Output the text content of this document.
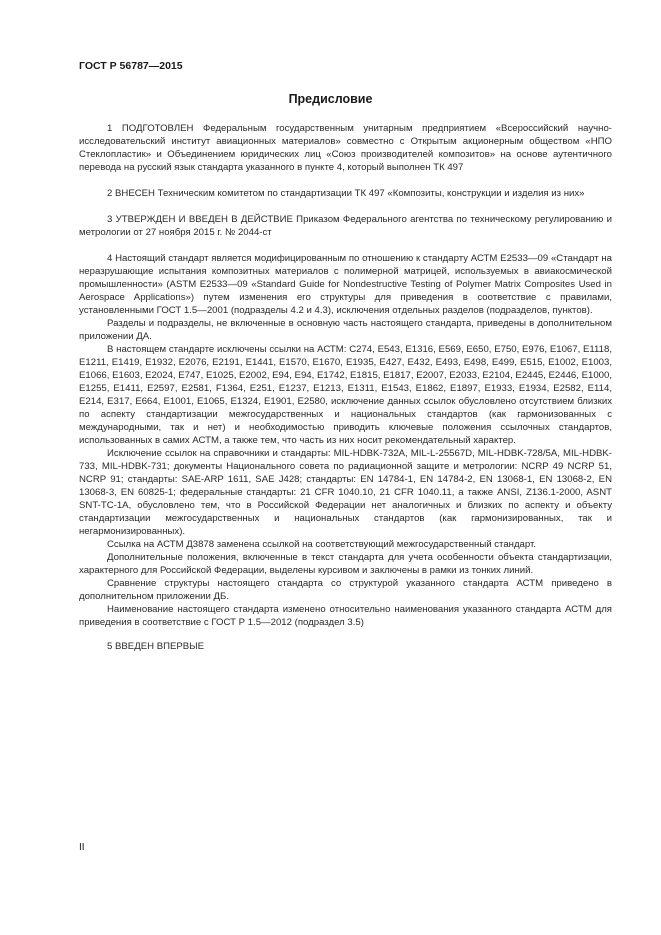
ГОСТ Р 56787—2015
Предисловие

1 ПОДГОТОВЛЕН Федеральным государственным унитарным предприятием «Всероссийский научно-исследовательский институт авиационных материалов» совместно с Открытым акционерным обществом «НПО Стеклопластик» и Объединением юридических лиц «Союз производителей композитов» на основе аутентичного перевода на русский язык стандарта указанного в пункте 4, который выполнен ТК 497

2 ВНЕСЕН Техническим комитетом по стандартизации ТК 497 «Композиты, конструкции и изделия из них»

3 УТВЕРЖДЕН И ВВЕДЕН В ДЕЙСТВИЕ Приказом Федерального агентства по техническому регулированию и метрологии от 27 ноября 2015 г. № 2044-ст

4 Настоящий стандарт является модифицированным по отношению к стандарту АСТМ Е2533—09 «Стандарт на неразрушающие испытания композитных материалов с полимерной матрицей, используемых в авиакосмической промышленности» (ASTM E2533—09 «Standard Guide for Nondestructive Testing of Polymer Matrix Composites Used in Aerospace Applications») путем изменения его структуры для приведения в соответствие с правилами, установленными ГОСТ 1.5—2001 (подразделы 4.2 и 4.3), исключения отдельных разделов (подразделов, пунктов).

Разделы и подразделы, не включенные в основную часть настоящего стандарта, приведены в дополнительном приложении ДА.

В настоящем стандарте исключены ссылки на АСТМ: С274, Е543, Е1316, Е569, Е650, Е750, Е976, Е1067, Е1118, Е1211, Е1419, Е1932, Е2076, Е2191, Е1441, Е1570, Е1670, Е1935, Е427, Е432, Е493, Е498, Е499, Е515, Е1002, Е1003, Е1066, Е1603, Е2024, Е747, Е1025, Е2002, Е94, Е94, Е1742, Е1815, Е1817, Е2007, Е2033, Е2104, Е2445, Е2446, Е1000, Е1255, Е1411, Е2597, Е2581, F1364, Е251, Е1237, Е1213, Е1311, Е1543, Е1862, Е1897, Е1933, Е1934, Е2582, Е114, Е214, Е317, Е664, Е1001, Е1065, Е1324, Е1901, Е2580, исключение данных ссылок обусловлено отсутствием близких по аспекту стандартизации межгосударственных и национальных стандартов (как гармонизованных с международными, так и нет) и необходимостью приводить ключевые положения ссылочных стандартов, использованных в самих АСТМ, а также тем, что часть из них носит рекомендательный характер.

Исключение ссылок на справочники и стандарты: MIL-HDBK-732A, MIL-L-25567D, MIL-HDBK-728/5A, MIL-HDBK-733, MIL-HDBK-731; документы Национального совета по радиационной защите и метрологии: NCRP 49 NCRP 51, NCRP 91; стандарты: SAE-ARP 1611, SAE J428; стандарты: EN 14784-1, EN 14784-2, EN 13068-1, EN 13068-2, EN 13068-3, EN 60825-1; федеральные стандарты: 21 CFR 1040.10, 21 CFR 1040.11, а также ANSI, Z136.1-2000, ASNT SNT-TC-1A, обусловлено тем, что в Российской Федерации нет аналогичных и близких по аспекту и объекту стандартизации межгосударственных и национальных стандартов (как гармонизированных, так и негармонизированных).

Ссылка на АСТМ Д3878 заменена ссылкой на соответствующий межгосударственный стандарт.

Дополнительные положения, включенные в текст стандарта для учета особенности объекта стандартизации, характерного для Российской Федерации, выделены курсивом и заключены в рамки из тонких линий.

Сравнение структуры настоящего стандарта со структурой указанного стандарта АСТМ приведено в дополнительном приложении ДБ.

Наименование настоящего стандарта изменено относительно наименования указанного стандарта АСТМ для приведения в соответствие с ГОСТ Р 1.5—2012 (подраздел 3.5)

5 ВВЕДЕН ВПЕРВЫЕ

II
